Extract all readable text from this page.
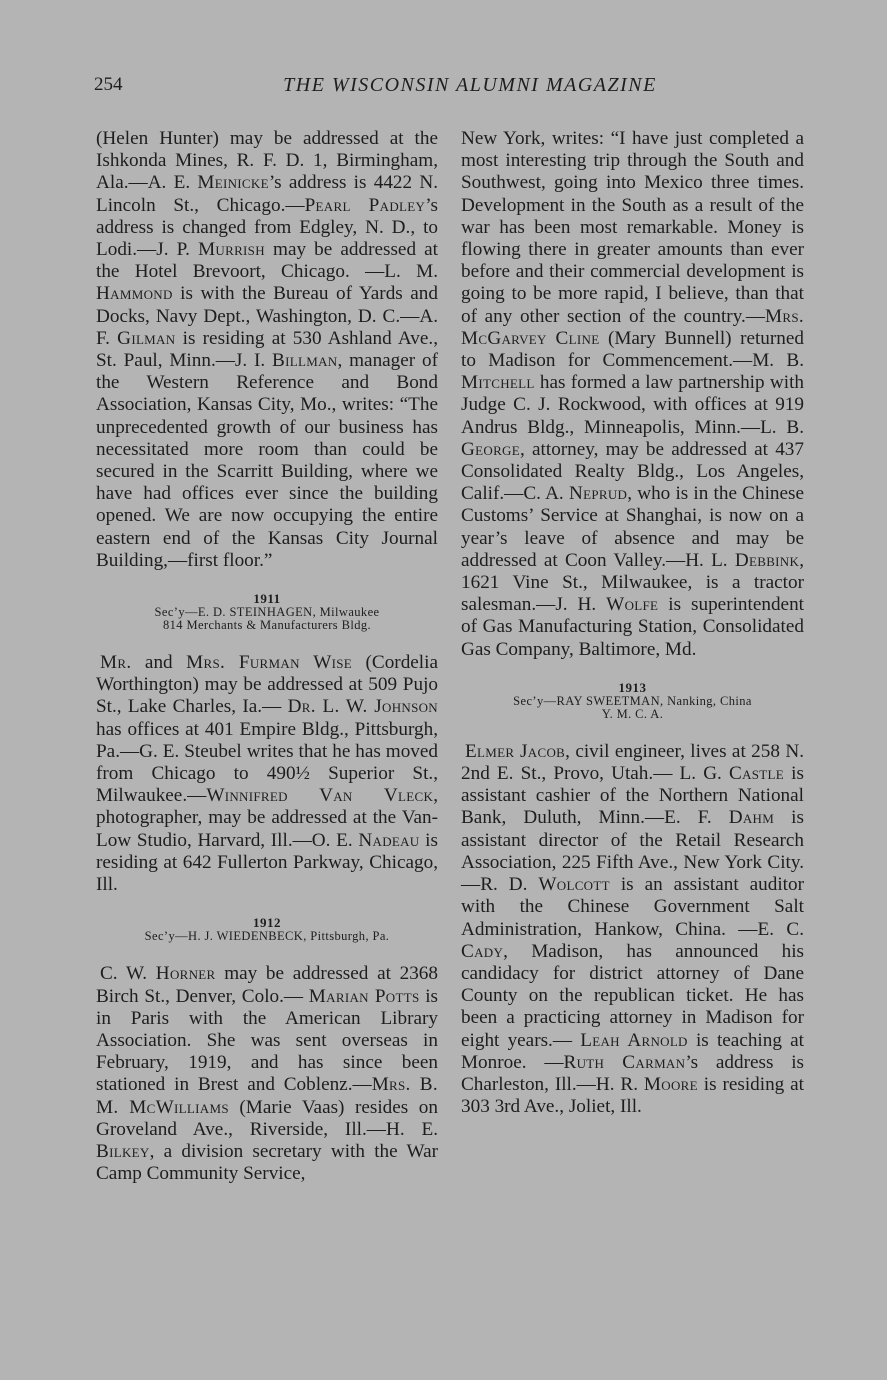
254	THE WISCONSIN ALUMNI MAGAZINE

(Helen Hunter) may be addressed at the Ishkonda Mines, R. F. D. 1, Birmingham, Ala.—A. E. Meinicke’s address is 4422 N. Lincoln St., Chicago.—Pearl Padley’s address is changed from Edgley, N. D., to Lodi.—J. P. Murrish may be addressed at the Hotel Brevoort, Chicago. —L. M. Hammond is with the Bureau of Yards and Docks, Navy Dept., Washington, D. C.—A. F. Gilman is residing at 530 Ashland Ave., St. Paul, Minn.—J. I. Billman, manager of the Western Reference and Bond Association, Kansas City, Mo., writes: “The unprecedented growth of our business has necessitated more room than could be secured in the Scarritt Building, where we have had offices ever since the building opened. We are now occupying the entire eastern end of the Kansas City Journal Building,—first floor.”

1911
Sec’y—E. D. STEINHAGEN, Milwaukee
814 Merchants & Manufacturers Bldg.

Mr. and Mrs. Furman Wise (Cordelia Worthington) may be addressed at 509 Pujo St., Lake Charles, Ia.— Dr. L. W. Johnson has offices at 401 Empire Bldg., Pittsburgh, Pa.—G. E. Steubel writes that he has moved from Chicago to 490½ Superior St., Milwaukee.—Winnifred Van Vleck, photographer, may be addressed at the Van-Low Studio, Harvard, Ill.—O. E. Nadeau is residing at 642 Fullerton Parkway, Chicago, Ill.

1912
Sec’y—H. J. WIEDENBECK, Pittsburgh, Pa.

C. W. Horner may be addressed at 2368 Birch St., Denver, Colo.— Marian Potts is in Paris with the American Library Association. She was sent overseas in February, 1919, and has since been stationed in Brest and Coblenz.—Mrs. B. M. McWilliams (Marie Vaas) resides on Groveland Ave., Riverside, Ill.—H. E. Bilkey, a division secretary with the War Camp Community Service,

New York, writes: “I have just completed a most interesting trip through the South and Southwest, going into Mexico three times. Development in the South as a result of the war has been most remarkable. Money is flowing there in greater amounts than ever before and their commercial development is going to be more rapid, I believe, than that of any other section of the country.—Mrs. McGarvey Cline (Mary Bunnell) returned to Madison for Commencement.—M. B. Mitchell has formed a law partnership with Judge C. J. Rockwood, with offices at 919 Andrus Bldg., Minneapolis, Minn.—L. B. George, attorney, may be addressed at 437 Consolidated Realty Bldg., Los Angeles, Calif.—C. A. Neprud, who is in the Chinese Customs’ Service at Shanghai, is now on a year’s leave of absence and may be addressed at Coon Valley.—H. L. Debbink, 1621 Vine St., Milwaukee, is a tractor salesman.—J. H. Wolfe is superintendent of Gas Manufacturing Station, Consolidated Gas Company, Baltimore, Md.

1913
Sec’y—RAY SWEETMAN, Nanking, China
Y. M. C. A.

Elmer Jacob, civil engineer, lives at 258 N. 2nd E. St., Provo, Utah.— L. G. Castle is assistant cashier of the Northern National Bank, Duluth, Minn.—E. F. Dahm is assistant director of the Retail Research Association, 225 Fifth Ave., New York City. —R. D. Wolcott is an assistant auditor with the Chinese Government Salt Administration, Hankow, China. —E. C. Cady, Madison, has announced his candidacy for district attorney of Dane County on the republican ticket. He has been a practicing attorney in Madison for eight years.— Leah Arnold is teaching at Monroe. —Ruth Carman’s address is Charleston, Ill.—H. R. Moore is residing at 303 3rd Ave., Joliet, Ill.
